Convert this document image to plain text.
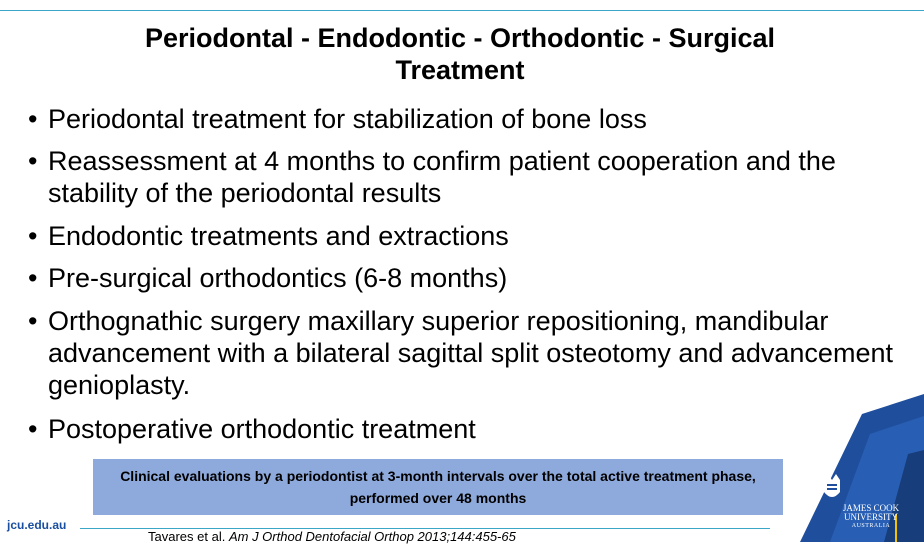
Periodontal - Endodontic - Orthodontic - Surgical Treatment
• Periodontal treatment for stabilization of bone loss
• Reassessment at 4 months to confirm patient cooperation and the stability of the periodontal results
• Endodontic treatments and extractions
• Pre-surgical orthodontics (6-8 months)
• Orthognathic surgery maxillary superior repositioning, mandibular advancement with a bilateral sagittal split osteotomy and advancement genioplasty.
• Postoperative orthodontic treatment
Clinical evaluations by a periodontist at 3-month intervals over the total active treatment phase, performed over 48 months
jcu.edu.au
Tavares et al. Am J Orthod Dentofacial Orthop 2013;144:455-65
JAMES COOK
UNIVERSITY
AUSTRALIA
